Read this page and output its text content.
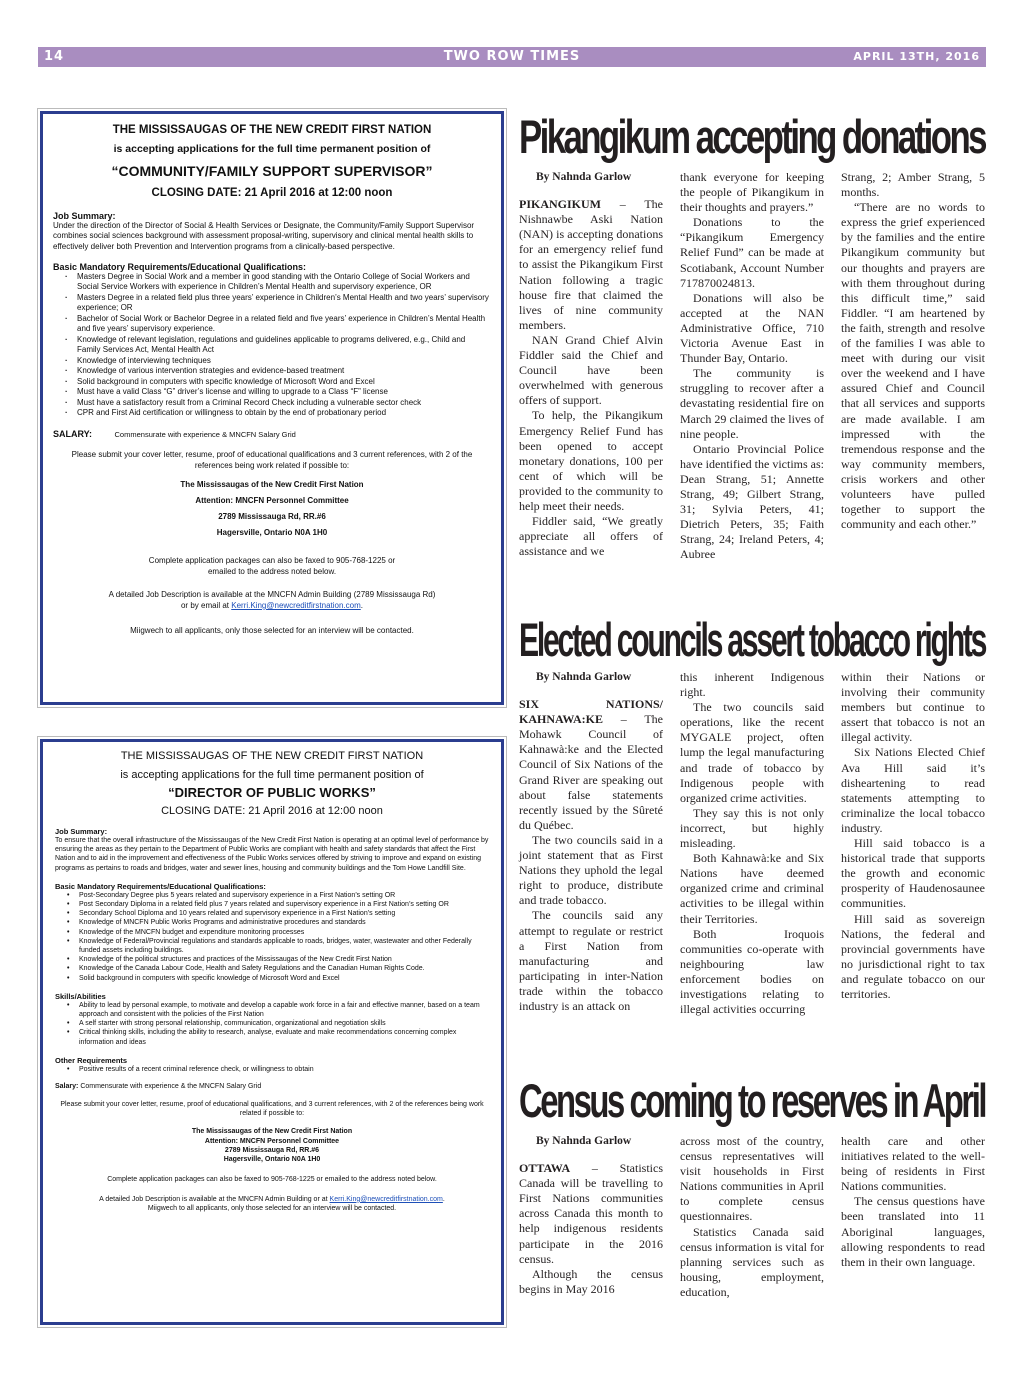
14	TWO ROW TIMES	APRIL 13TH, 2016
THE MISSISSAUGAS OF THE NEW CREDIT FIRST NATION
is accepting applications for the full time permanent position of
“COMMUNITY/FAMILY SUPPORT SUPERVISOR”
CLOSING DATE: 21 April 2016 at 12:00 noon
Job Summary:
Under the direction of the Director of Social & Health Services or Designate, the Community/Family Support Supervisor combines social sciences background with assessment proposal-writing, supervisory and clinical mental health skills to effectively deliver both Prevention and Intervention programs from a clinically-based perspective.
Basic Mandatory Requirements/Educational Qualifications:
· Masters Degree in Social Work and a member in good standing with the Ontario College of Social Workers and Social Service Workers with experience in Children’s Mental Health and supervisory experience, OR
· Masters Degree in a related field plus three years’ experience in Children’s Mental Health and two years’ supervisory experience; OR
· Bachelor of Social Work or Bachelor Degree in a related field and five years’ experience in Children’s Mental Health and five years’ supervisory experience.
· Knowledge of relevant legislation, regulations and guidelines applicable to programs delivered, e.g., Child and Family Services Act, Mental Health Act
· Knowledge of interviewing techniques
· Knowledge of various intervention strategies and evidence-based treatment
· Solid background in computers with specific knowledge of Microsoft Word and Excel
· Must have a valid Class “G” driver’s license and willing to upgrade to a Class “F” license
· Must have a satisfactory result from a Criminal Record Check including a vulnerable sector check
· CPR and First Aid certification or willingness to obtain by the end of probationary period
SALARY:	Commensurate with experience & MNCFN Salary Grid
Please submit your cover letter, resume, proof of educational qualifications and 3 current references, with 2 of the references being work related if possible to:
The Mississaugas of the New Credit First Nation
Attention: MNCFN Personnel Committee
2789 Mississauga Rd, RR.#6
Hagersville, Ontario N0A 1H0
Complete application packages can also be faxed to 905-768-1225 or
emailed to the address noted below.
A detailed Job Description is available at the MNCFN Admin Building (2789 Mississauga Rd)
or by email at Kerri.King@newcreditfirstnation.com.
Miigwech to all applicants, only those selected for an interview will be contacted.
THE MISSISSAUGAS OF THE NEW CREDIT FIRST NATION
is accepting applications for the full time permanent position of
“DIRECTOR OF PUBLIC WORKS”
CLOSING DATE: 21 April 2016 at 12:00 noon
Job Summary:
To ensure that the overall infrastructure of the Mississaugas of the New Credit First Nation is operating at an optimal level of performance by ensuring the areas as they pertain to the Department of Public Works are compliant with health and safety standards that affect the First Nation and to aid in the improvement and effectiveness of the Public Works services offered by striving to improve and expand on existing programs as pertains to roads and bridges, water and sewer lines, housing and community buildings and the Tom Howe Landfill Site.
Basic Mandatory Requirements/Educational Qualifications:
• Post-Secondary Degree plus 5 years related and supervisory experience in a First Nation’s setting OR
• Post Secondary Diploma in a related field plus 7 years related and supervisory experience in a First Nation’s setting OR
• Secondary School Diploma and 10 years related and supervisory experience in a First Nation’s setting
• Knowledge of MNCFN Public Works Programs and administrative procedures and standards
• Knowledge of the MNCFN budget and expenditure monitoring processes
• Knowledge of Federal/Provincial regulations and standards applicable to roads, bridges, water, wastewater and other Federally funded assets including buildings.
• Knowledge of the political structures and practices of the Mississaugas of the New Credit First Nation
• Knowledge of the Canada Labour Code, Health and Safety Regulations and the Canadian Human Rights Code.
• Solid background in computers with specific knowledge of Microsoft Word and Excel
Skills/Abilities
• Ability to lead by personal example, to motivate and develop a capable work force in a fair and effective manner, based on a team approach and consistent with the policies of the First Nation
• A self starter with strong personal relationship, communication, organizational and negotiation skills
• Critical thinking skills, including the ability to research, analyse, evaluate and make recommendations concerning complex information and ideas
Other Requirements
• Positive results of a recent criminal reference check, or willingness to obtain
Salary: Commensurate with experience & the MNCFN Salary Grid
Please submit your cover letter, resume, proof of educational qualifications, and 3 current references, with 2 of the references being work related if possible to:
The Mississaugas of the New Credit First Nation
Attention: MNCFN Personnel Committee
2789 Mississauga Rd, RR.#6
Hagersville, Ontario N0A 1H0
Complete application packages can also be faxed to 905-768-1225 or emailed to the address noted below.
A detailed Job Description is available at the MNCFN Admin Building or at Kerri.King@newcreditfirstnation.com.
Miigwech to all applicants, only those selected for an interview will be contacted.
Pikangikum accepting donations
By Nahnda Garlow

PIKANGIKUM – The Nishnawbe Aski Nation (NAN) is accepting donations for an emergency relief fund to assist the Pikangikum First Nation following a tragic house fire that claimed the lives of nine community members.

NAN Grand Chief Alvin Fiddler said the Chief and Council have been overwhelmed with generous offers of support.

To help, the Pikangikum Emergency Relief Fund has been opened to accept monetary donations, 100 per cent of which will be provided to the community to help meet their needs.

Fiddler said, “We greatly appreciate all offers of assistance and we

thank everyone for keeping the people of Pikangikum in their thoughts and prayers.”

Donations to the “Pikangikum Emergency Relief Fund” can be made at Scotiabank, Account Number 717870024813.

Donations will also be accepted at the NAN Administrative Office, 710 Victoria Avenue East in Thunder Bay, Ontario.

The community is struggling to recover after a devastating residential fire on March 29 claimed the lives of nine people.

Ontario Provincial Police have identified the victims as: Dean Strang, 51; Annette Strang, 49; Gilbert Strang, 31; Sylvia Peters, 41; Dietrich Peters, 35; Faith Strang, 24; Ireland Peters, 4; Aubree

Strang, 2; Amber Strang, 5 months.

“There are no words to express the grief experienced by the families and the entire Pikangikum community but our thoughts and prayers are with them throughout during this difficult time,” said Fiddler. “I am heartened by the faith, strength and resolve of the families I was able to meet with during our visit over the weekend and I have assured Chief and Council that all services and supports are made available. I am impressed with the tremendous response and the way community members, crisis workers and other volunteers have pulled together to support the community and each other.”

Elected councils assert tobacco rights
By Nahnda Garlow

SIX NATIONS/ KAHNAWA:KE – The Mohawk Council of Kahnawà:ke and the Elected Council of Six Nations of the Grand River are speaking out about false statements recently issued by the Sûreté du Québec.

The two councils said in a joint statement that as First Nations they uphold the legal right to produce, distribute and trade tobacco.

The councils said any attempt to regulate or restrict a First Nation from manufacturing and participating in inter-Nation trade within the tobacco industry is an attack on

this inherent Indigenous right.

The two councils said operations, like the recent MYGALE project, often lump the legal manufacturing and trade of tobacco by Indigenous people with organized crime activities.

They say this is not only incorrect, but highly misleading.

Both Kahnawà:ke and Six Nations have deemed organized crime and criminal activities to be illegal within their Territories.

Both Iroquois communities co-operate with neighbouring law enforcement bodies on investigations relating to illegal activities occurring

within their Nations or involving their community members but continue to assert that tobacco is not an illegal activity.

Six Nations Elected Chief Ava Hill said it’s disheartening to read statements attempting to criminalize the local tobacco industry.

Hill said tobacco is a historical trade that supports the growth and economic prosperity of Haudenosaunee communities.

Hill said as sovereign Nations, the federal and provincial governments have no jurisdictional right to tax and regulate tobacco on our territories.

Census coming to reserves in April
By Nahnda Garlow

OTTAWA – Statistics Canada will be travelling to First Nations communities across Canada this month to help indigenous residents participate in the 2016 census.

Although the census begins in May 2016

across most of the country, census representatives will visit households in First Nations communities in April to complete census questionnaires.

Statistics Canada said census information is vital for planning services such as housing, employment, education,

health care and other initiatives related to the well-being of residents in First Nations communities.

The census questions have been translated into 11 Aboriginal languages, allowing respondents to read them in their own language.
